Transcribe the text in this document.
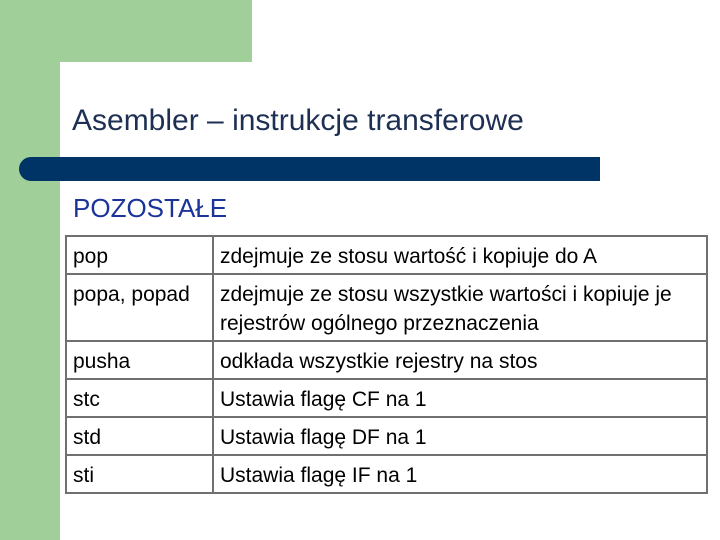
Asembler – instrukcje transferowe
POZOSTAŁE
pop	zdejmuje ze stosu wartość i kopiuje do A
popa, popad	zdejmuje ze stosu wszystkie wartości i kopiuje je rejestrów ogólnego przeznaczenia
pusha	odkłada wszystkie rejestry na stos
stc	Ustawia flagę CF na 1
std	Ustawia flagę DF na 1
sti	Ustawia flagę IF na 1
